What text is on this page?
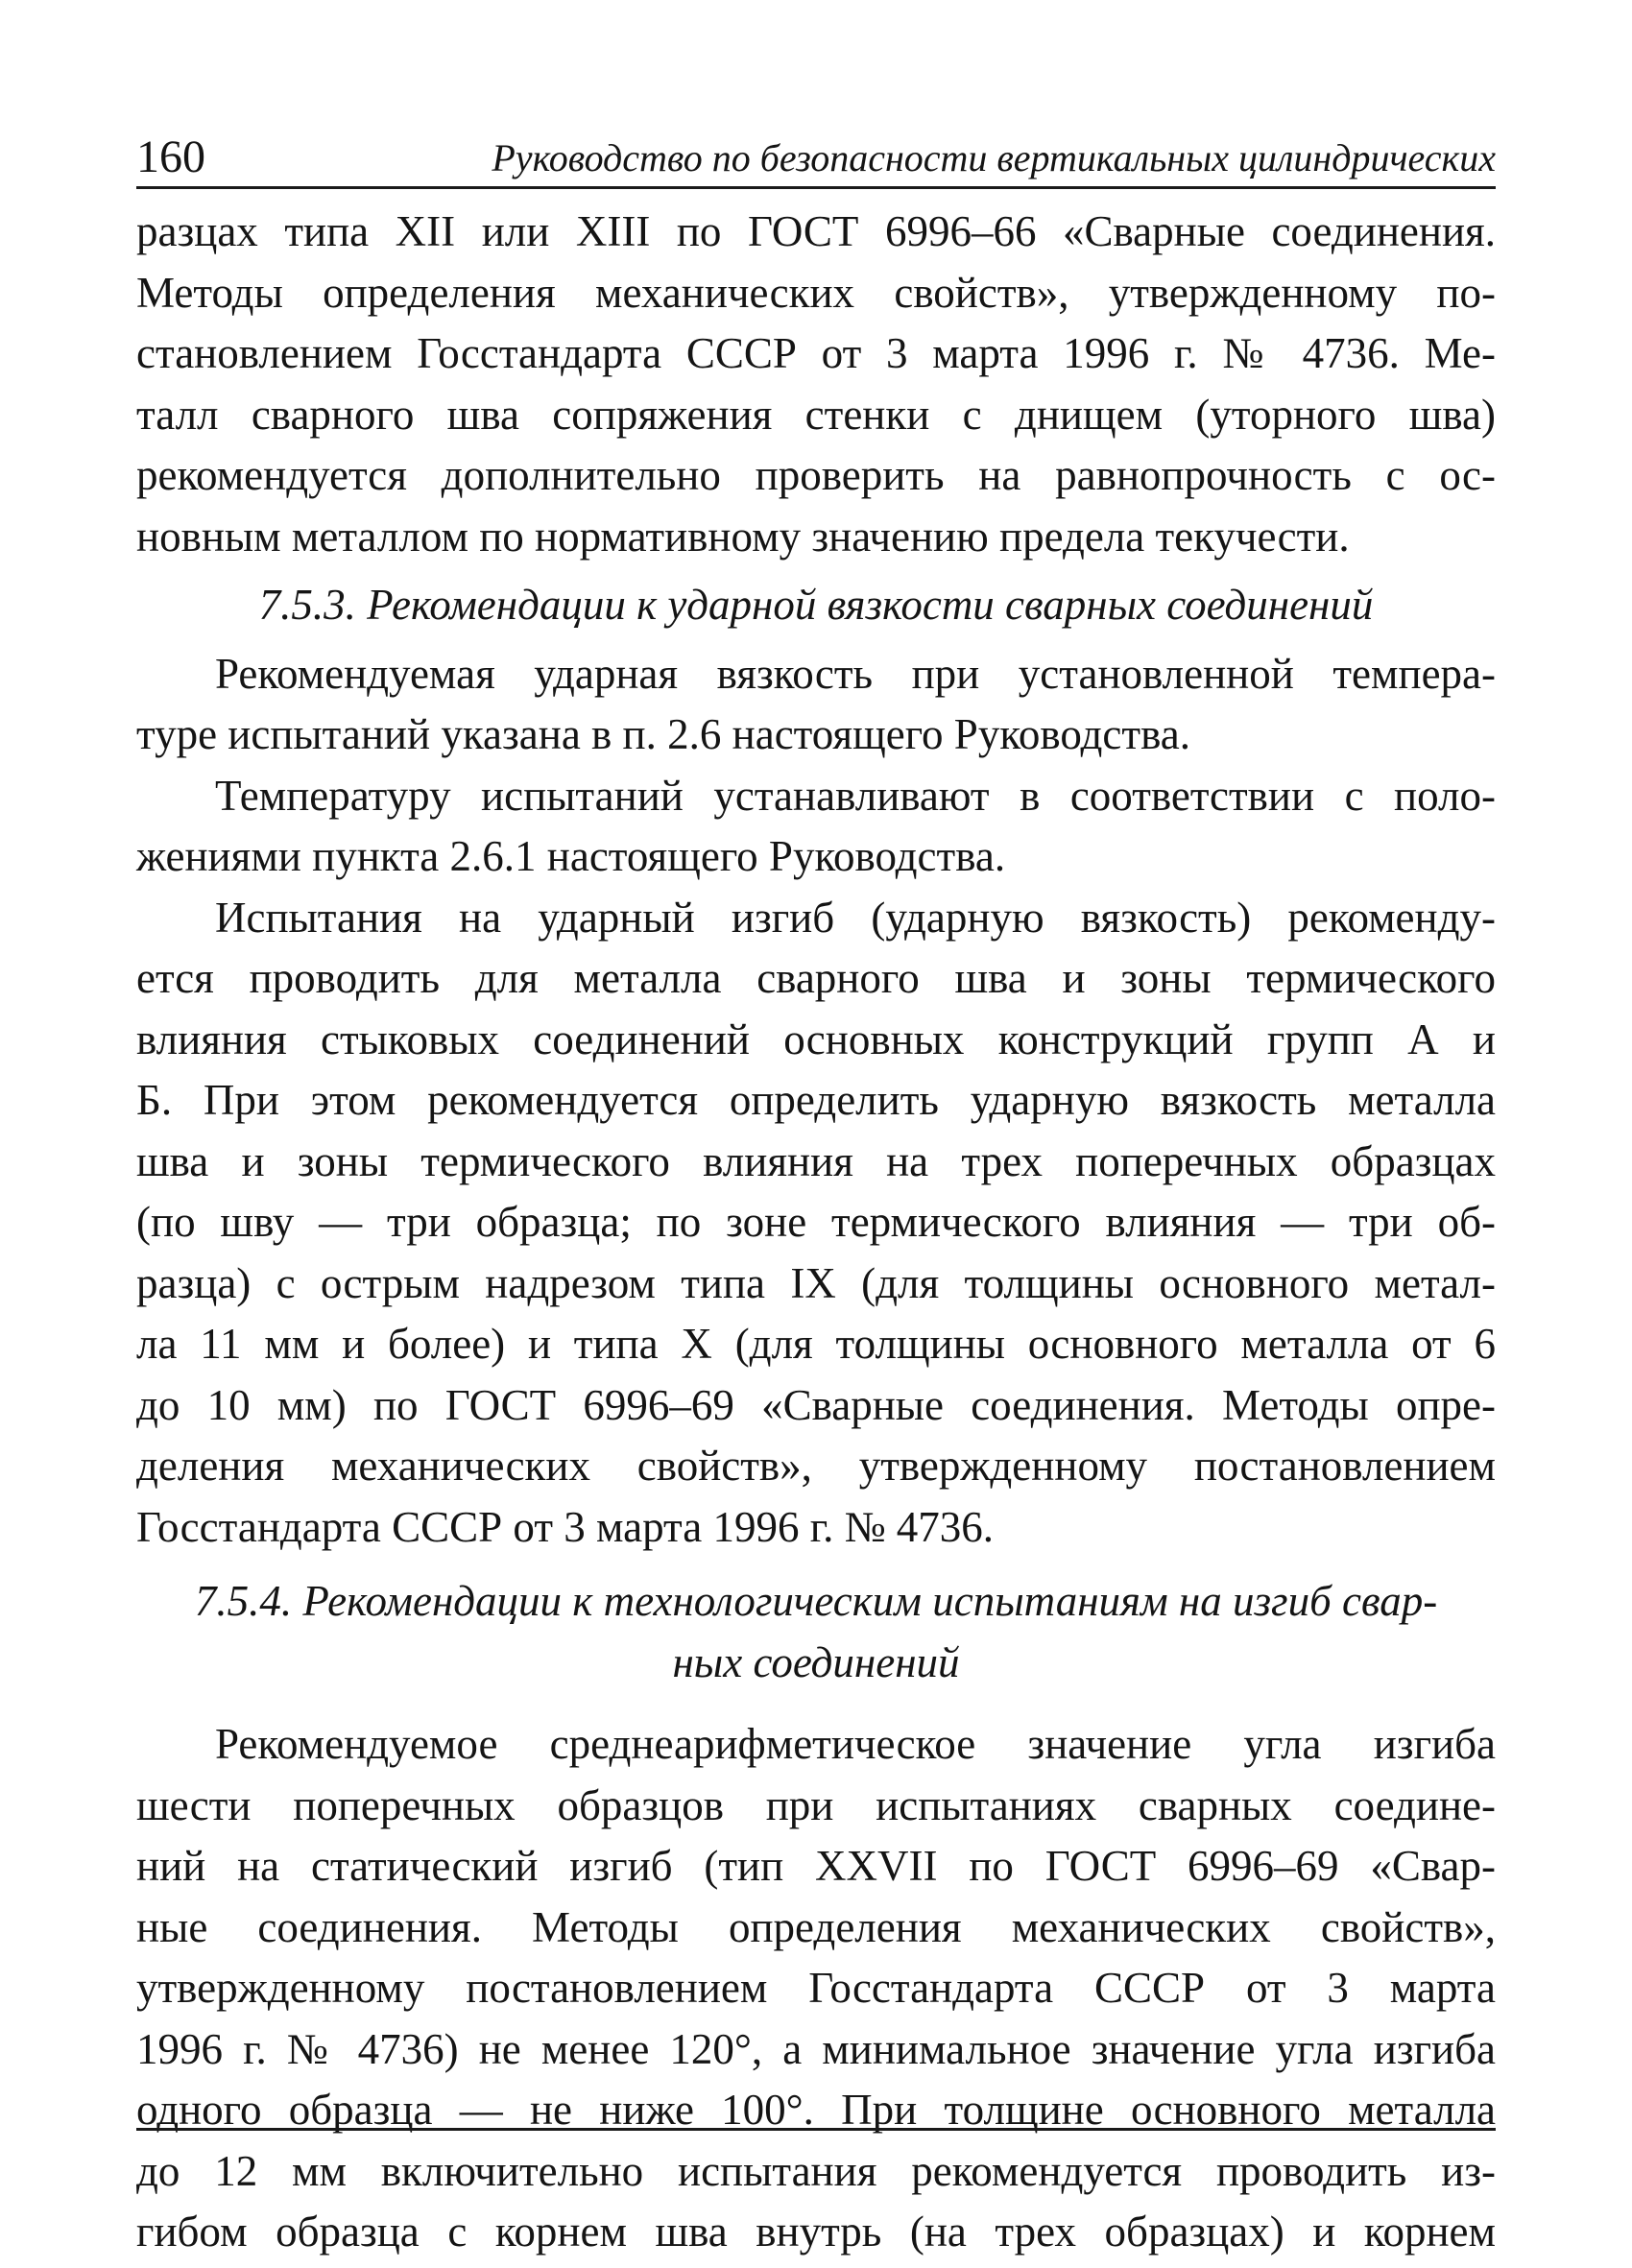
160	Руководство по безопасности вертикальных цилиндрических

разцах типа XII или XIII по ГОСТ 6996–66 «Сварные соединения.
Методы определения механических свойств», утвержденному по-
становлением Госстандарта СССР от 3 марта 1996 г. № 4736. Ме-
талл сварного шва сопряжения стенки с днищем (уторного шва)
рекомендуется дополнительно проверить на равнопрочность с ос-
новным металлом по нормативному значению предела текучести.

7.5.3. Рекомендации к ударной вязкости сварных соединений

Рекомендуемая ударная вязкость при установленной темпера-
туре испытаний указана в п. 2.6 настоящего Руководства.

Температуру испытаний устанавливают в соответствии с поло-
жениями пункта 2.6.1 настоящего Руководства.

Испытания на ударный изгиб (ударную вязкость) рекоменду-
ется проводить для металла сварного шва и зоны термического
влияния стыковых соединений основных конструкций групп А и
Б. При этом рекомендуется определить ударную вязкость металла
шва и зоны термического влияния на трех поперечных образцах
(по шву — три образца; по зоне термического влияния — три об-
разца) с острым надрезом типа IX (для толщины основного метал-
ла 11 мм и более) и типа X (для толщины основного металла от 6
до 10 мм) по ГОСТ 6996–69 «Сварные соединения. Методы опре-
деления механических свойств», утвержденному постановлением
Госстандарта СССР от 3 марта 1996 г. № 4736.

7.5.4. Рекомендации к технологическим испытаниям на изгиб свар-
ных соединений

Рекомендуемое среднеарифметическое значение угла изгиба
шести поперечных образцов при испытаниях сварных соедине-
ний на статический изгиб (тип XXVII по ГОСТ 6996–69 «Свар-
ные соединения. Методы определения механических свойств»,
утвержденному постановлением Госстандарта СССР от 3 марта
1996 г. № 4736) не менее 120°, а минимальное значение угла изгиба
одного образца — не ниже 100°. При толщине основного металла
до 12 мм включительно испытания рекомендуется проводить из-
гибом образца с корнем шва внутрь (на трех образцах) и корнем
